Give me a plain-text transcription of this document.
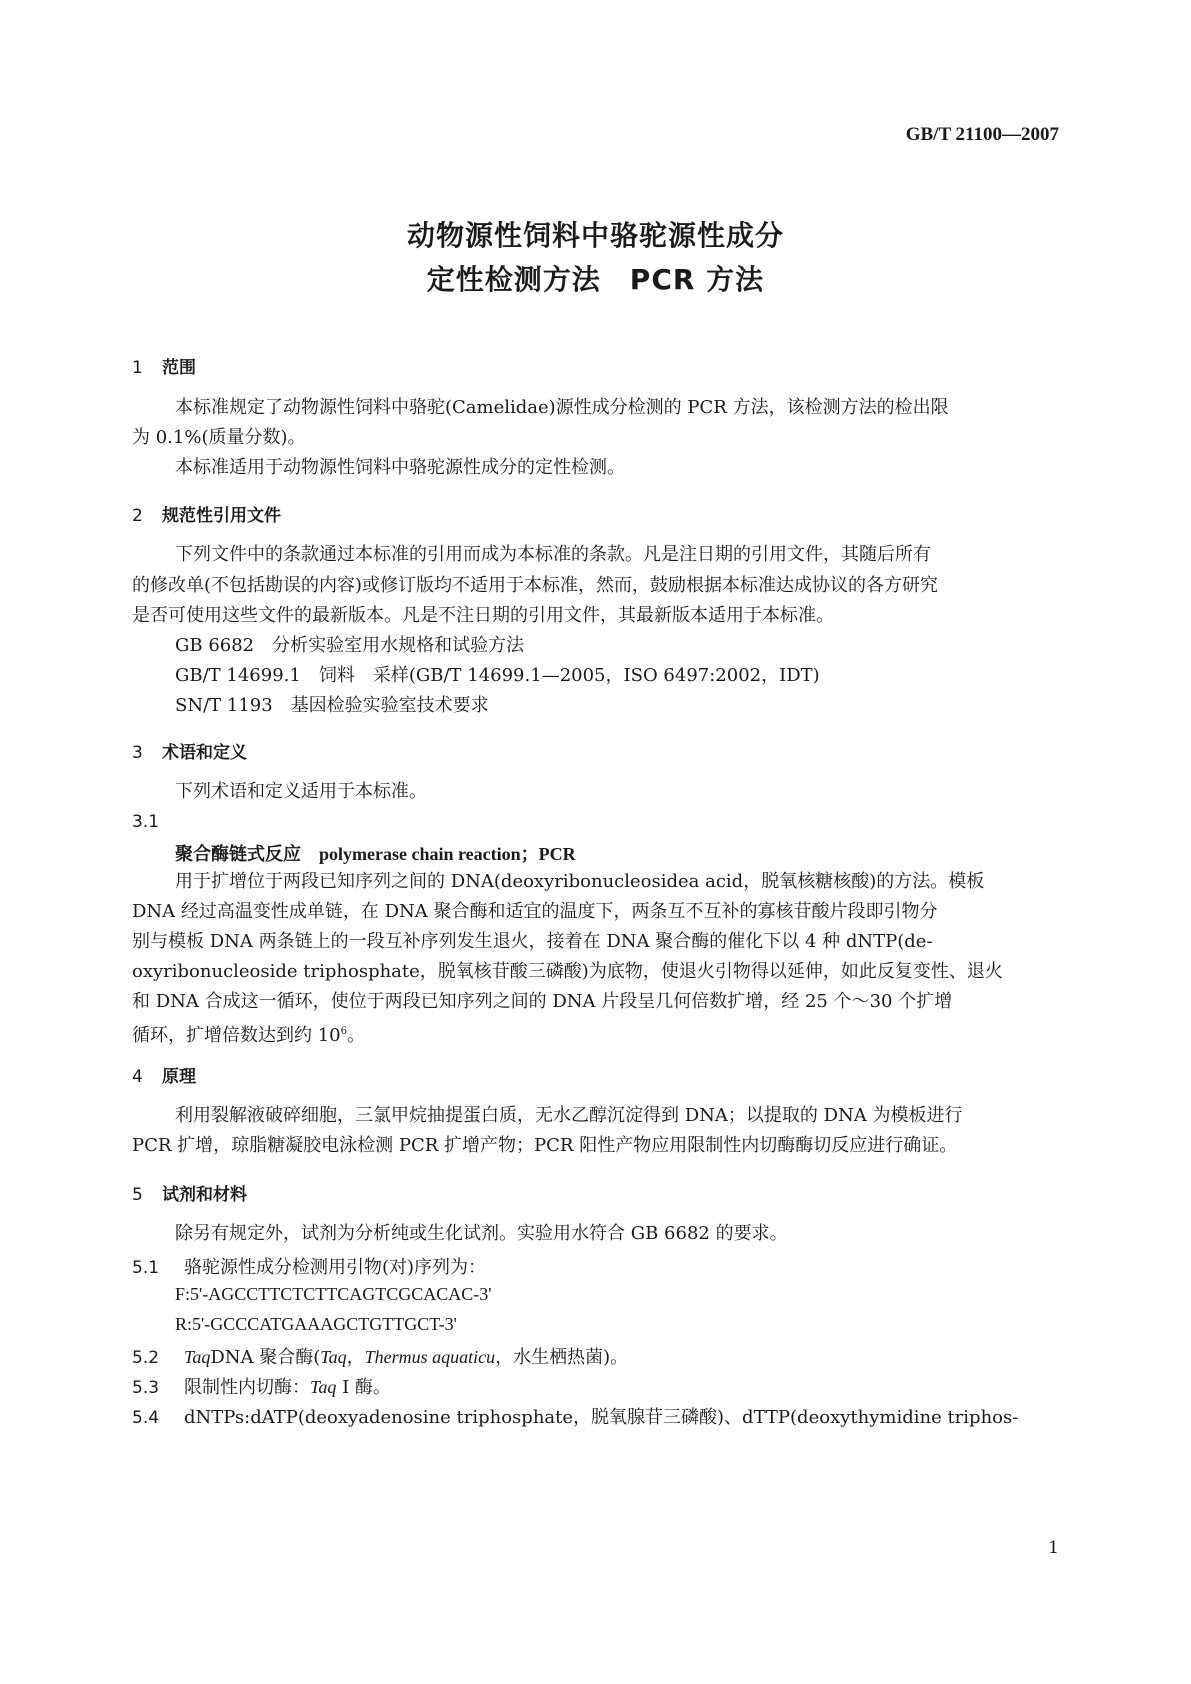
GB/T 21100—2007
动物源性饲料中骆驼源性成分
定性检测方法　PCR 方法
1 范围
本标准规定了动物源性饲料中骆驼(Camelidae)源性成分检测的 PCR 方法，该检测方法的检出限
为 0.1%(质量分数)。
本标准适用于动物源性饲料中骆驼源性成分的定性检测。
2 规范性引用文件
下列文件中的条款通过本标准的引用而成为本标准的条款。凡是注日期的引用文件，其随后所有
的修改单(不包括勘误的内容)或修订版均不适用于本标准，然而，鼓励根据本标准达成协议的各方研究
是否可使用这些文件的最新版本。凡是不注日期的引用文件，其最新版本适用于本标准。
GB 6682　分析实验室用水规格和试验方法
GB/T 14699.1　饲料　采样(GB/T 14699.1—2005，ISO 6497:2002，IDT)
SN/T 1193　基因检验实验室技术要求
3 术语和定义
下列术语和定义适用于本标准。
3.1
聚合酶链式反应 polymerase chain reaction；PCR
用于扩增位于两段已知序列之间的 DNA(deoxyribonucleosidea acid，脱氧核糖核酸)的方法。模板
DNA 经过高温变性成单链，在 DNA 聚合酶和适宜的温度下，两条互不互补的寡核苷酸片段即引物分
别与模板 DNA 两条链上的一段互补序列发生退火，接着在 DNA 聚合酶的催化下以 4 种 dNTP(de-
oxyribonucleoside triphosphate，脱氧核苷酸三磷酸)为底物，使退火引物得以延伸，如此反复变性、退火
和 DNA 合成这一循环，使位于两段已知序列之间的 DNA 片段呈几何倍数扩增，经 25 个～30 个扩增
循环，扩增倍数达到约 $10^6$。
4 原理
利用裂解液破碎细胞，三氯甲烷抽提蛋白质，无水乙醇沉淀得到 DNA；以提取的 DNA 为模板进行
PCR 扩增，琼脂糖凝胶电泳检测 PCR 扩增产物；PCR 阳性产物应用限制性内切酶酶切反应进行确证。
5 试剂和材料
除另有规定外，试剂为分析纯或生化试剂。实验用水符合 GB 6682 的要求。
5.1 骆驼源性成分检测用引物(对)序列为：
F:5'-AGCCTTCTCTTCAGTCGCACAC-3'
R:5'-GCCCATGAAAGCTGTTGCT-3'
5.2 TaqDNA 聚合酶(Taq，Thermus aquaticu，水生栖热菌)。
5.3 限制性内切酶：Taq I 酶。
5.4 dNTPs:dATP(deoxyadenosine triphosphate，脱氧腺苷三磷酸)、dTTP(deoxythymidine triphos-
1
